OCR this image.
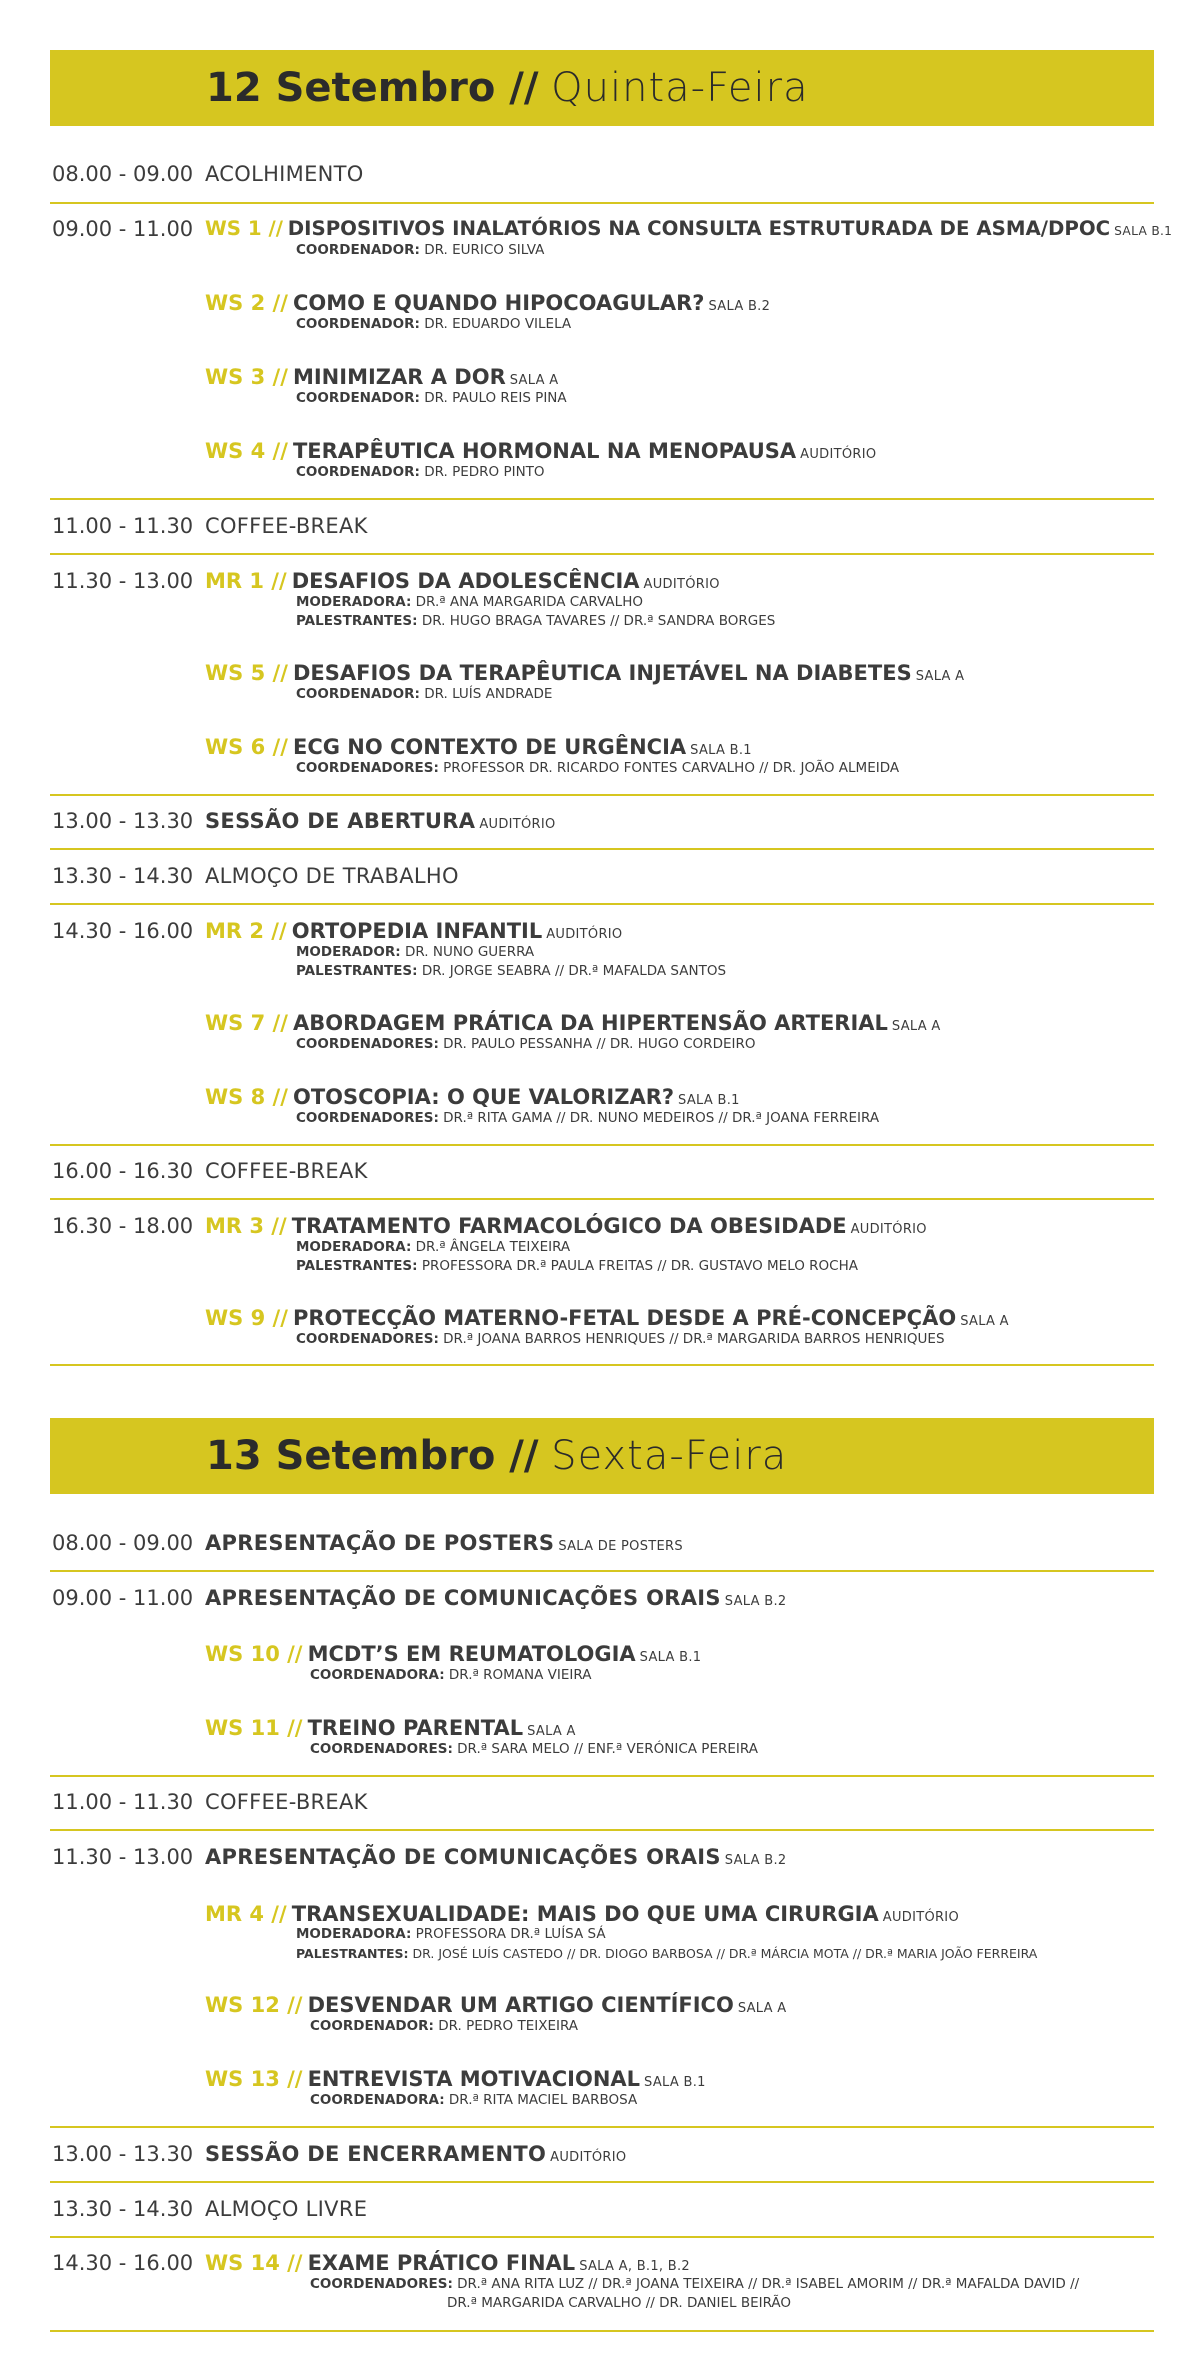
12 Setembro // Quinta-Feira
08.00 - 09.00 ACOLHIMENTO
09.00 - 11.00 WS 1 // DISPOSITIVOS INALATÓRIOS NA CONSULTA ESTRUTURADA DE ASMA/DPOC SALA B.1
COORDENADOR: DR. EURICO SILVA
WS 2 // COMO E QUANDO HIPOCOAGULAR? SALA B.2
COORDENADOR: DR. EDUARDO VILELA
WS 3 // MINIMIZAR A DOR SALA A
COORDENADOR: DR. PAULO REIS PINA
WS 4 // TERAPÊUTICA HORMONAL NA MENOPAUSA AUDITÓRIO
COORDENADOR: DR. PEDRO PINTO
11.00 - 11.30 COFFEE-BREAK
11.30 - 13.00 MR 1 // DESAFIOS DA ADOLESCÊNCIA AUDITÓRIO
MODERADORA: DR.ª ANA MARGARIDA CARVALHO
PALESTRANTES: DR. HUGO BRAGA TAVARES // DR.ª SANDRA BORGES
WS 5 // DESAFIOS DA TERAPÊUTICA INJETÁVEL NA DIABETES SALA A
COORDENADOR: DR. LUÍS ANDRADE
WS 6 // ECG NO CONTEXTO DE URGÊNCIA SALA B.1
COORDENADORES: PROFESSOR DR. RICARDO FONTES CARVALHO // DR. JOÃO ALMEIDA
13.00 - 13.30 SESSÃO DE ABERTURA AUDITÓRIO
13.30 - 14.30 ALMOÇO DE TRABALHO
14.30 - 16.00 MR 2 // ORTOPEDIA INFANTIL AUDITÓRIO
MODERADOR: DR. NUNO GUERRA
PALESTRANTES: DR. JORGE SEABRA // DR.ª MAFALDA SANTOS
WS 7 // ABORDAGEM PRÁTICA DA HIPERTENSÃO ARTERIAL SALA A
COORDENADORES: DR. PAULO PESSANHA // DR. HUGO CORDEIRO
WS 8 // OTOSCOPIA: O QUE VALORIZAR? SALA B.1
COORDENADORES: DR.ª RITA GAMA // DR. NUNO MEDEIROS // DR.ª JOANA FERREIRA
16.00 - 16.30 COFFEE-BREAK
16.30 - 18.00 MR 3 // TRATAMENTO FARMACOLÓGICO DA OBESIDADE AUDITÓRIO
MODERADORA: DR.ª ÂNGELA TEIXEIRA
PALESTRANTES: PROFESSORA DR.ª PAULA FREITAS // DR. GUSTAVO MELO ROCHA
WS 9 // PROTECÇÃO MATERNO-FETAL DESDE A PRÉ-CONCEPÇÃO SALA A
COORDENADORES: DR.ª JOANA BARROS HENRIQUES // DR.ª MARGARIDA BARROS HENRIQUES
13 Setembro // Sexta-Feira
08.00 - 09.00 APRESENTAÇÃO DE POSTERS SALA DE POSTERS
09.00 - 11.00 APRESENTAÇÃO DE COMUNICAÇÕES ORAIS SALA B.2
WS 10 // MCDT’S EM REUMATOLOGIA SALA B.1
COORDENADORA: DR.ª ROMANA VIEIRA
WS 11 // TREINO PARENTAL SALA A
COORDENADORES: DR.ª SARA MELO // ENF.ª VERÓNICA PEREIRA
11.00 - 11.30 COFFEE-BREAK
11.30 - 13.00 APRESENTAÇÃO DE COMUNICAÇÕES ORAIS SALA B.2
MR 4 // TRANSEXUALIDADE: MAIS DO QUE UMA CIRURGIA AUDITÓRIO
MODERADORA: PROFESSORA DR.ª LUÍSA SÁ
PALESTRANTES: DR. JOSÉ LUÍS CASTEDO // DR. DIOGO BARBOSA // DR.ª MÁRCIA MOTA // DR.ª MARIA JOÃO FERREIRA
WS 12 // DESVENDAR UM ARTIGO CIENTÍFICO SALA A
COORDENADOR: DR. PEDRO TEIXEIRA
WS 13 // ENTREVISTA MOTIVACIONAL SALA B.1
COORDENADORA: DR.ª RITA MACIEL BARBOSA
13.00 - 13.30 SESSÃO DE ENCERRAMENTO AUDITÓRIO
13.30 - 14.30 ALMOÇO LIVRE
14.30 - 16.00 WS 14 // EXAME PRÁTICO FINAL SALA A, B.1, B.2
COORDENADORES: DR.ª ANA RITA LUZ // DR.ª JOANA TEIXEIRA // DR.ª ISABEL AMORIM // DR.ª MAFALDA DAVID //
DR.ª MARGARIDA CARVALHO // DR. DANIEL BEIRÃO
